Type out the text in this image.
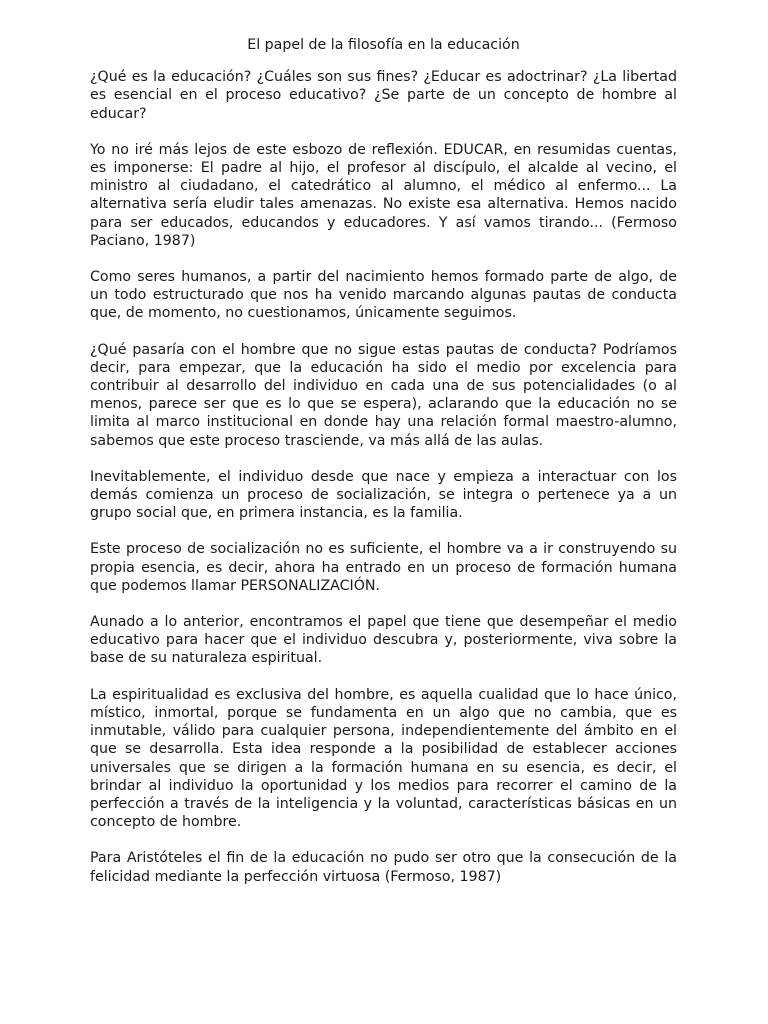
El papel de la filosofía en la educación

¿Qué es la educación? ¿Cuáles son sus fines? ¿Educar es adoctrinar? ¿La libertad es esencial en el proceso educativo? ¿Se parte de un concepto de hombre al educar?

Yo no iré más lejos de este esbozo de reflexión. EDUCAR, en resumidas cuentas, es imponerse: El padre al hijo, el profesor al discípulo, el alcalde al vecino, el ministro al ciudadano, el catedrático al alumno, el médico al enfermo... La alternativa sería eludir tales amenazas. No existe esa alternativa. Hemos nacido para ser educados, educandos y educadores. Y así vamos tirando... (Fermoso Paciano, 1987)

Como seres humanos, a partir del nacimiento hemos formado parte de algo, de un todo estructurado que nos ha venido marcando algunas pautas de conducta que, de momento, no cuestionamos, únicamente seguimos.

¿Qué pasaría con el hombre que no sigue estas pautas de conducta? Podríamos decir, para empezar, que la educación ha sido el medio por excelencia para contribuir al desarrollo del individuo en cada una de sus potencialidades (o al menos, parece ser que es lo que se espera), aclarando que la educación no se limita al marco institucional en donde hay una relación formal maestro-alumno, sabemos que este proceso trasciende, va más allá de las aulas.

Inevitablemente, el individuo desde que nace y empieza a interactuar con los demás comienza un proceso de socialización, se integra o pertenece ya a un grupo social que, en primera instancia, es la familia.

Este proceso de socialización no es suficiente, el hombre va a ir construyendo su propia esencia, es decir, ahora ha entrado en un proceso de formación humana que podemos llamar PERSONALIZACIÓN.

Aunado a lo anterior, encontramos el papel que tiene que desempeñar el medio educativo para hacer que el individuo descubra y, posteriormente, viva sobre la base de su naturaleza espiritual.

La espiritualidad es exclusiva del hombre, es aquella cualidad que lo hace único, místico, inmortal, porque se fundamenta en un algo que no cambia, que es inmutable, válido para cualquier persona, independientemente del ámbito en el que se desarrolla. Esta idea responde a la posibilidad de establecer acciones universales que se dirigen a la formación humana en su esencia, es decir, el brindar al individuo la oportunidad y los medios para recorrer el camino de la perfección a través de la inteligencia y la voluntad, características básicas en un concepto de hombre.

Para Aristóteles el fin de la educación no pudo ser otro que la consecución de la felicidad mediante la perfección virtuosa (Fermoso, 1987)
